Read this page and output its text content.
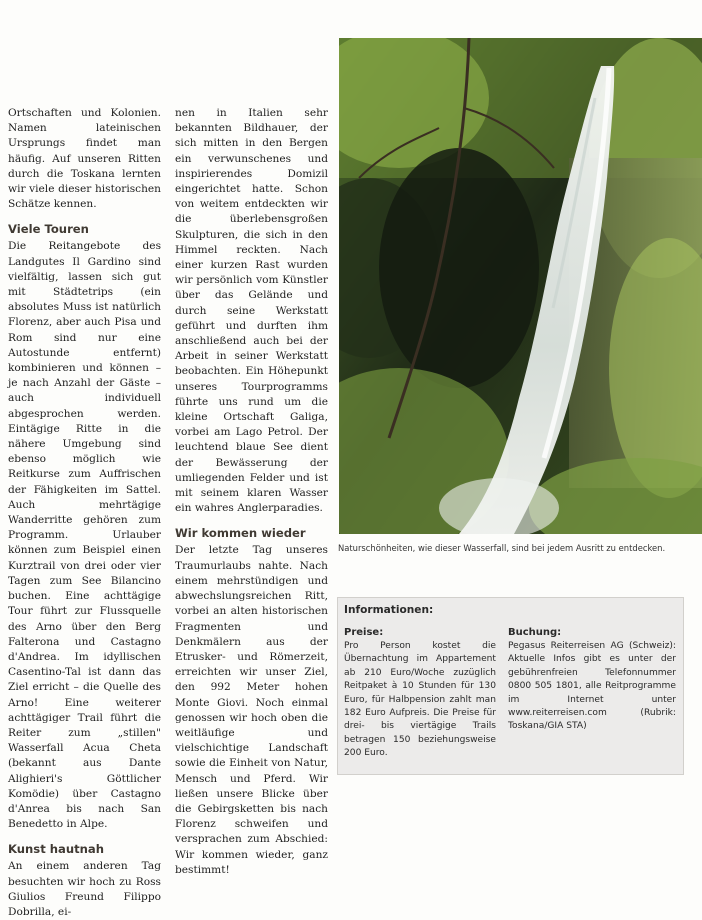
Ortschaften und Kolonien. Namen lateinischen Ursprungs findet man häufig. Auf unseren Ritten durch die Toskana lernten wir viele dieser historischen Schätze kennen.

Viele Touren

Die Reitangebote des Landgutes Il Gardino sind vielfältig, lassen sich gut mit Städtetrips (ein absolutes Muss ist natürlich Florenz, aber auch Pisa und Rom sind nur eine Autostunde entfernt) kombinieren und können – je nach Anzahl der Gäste – auch individuell abgesprochen werden. Eintägige Ritte in die nähere Umgebung sind ebenso möglich wie Reitkurse zum Auffrischen der Fähigkeiten im Sattel. Auch mehrtägige Wanderritte gehören zum Programm. Urlauber können zum Beispiel einen Kurztrail von drei oder vier Tagen zum See Bilancino buchen. Eine achttägige Tour führt zur Flussquelle des Arno über den Berg Falterona und Castagno d'Andrea. Im idyllischen Casentino-Tal ist dann das Ziel erricht – die Quelle des Arno! Eine weiterer achttägiger Trail führt die Reiter zum „stillen" Wasserfall Acua Cheta (bekannt aus Dante Alighieri's Göttlicher Komödie) über Castagno d'Anrea bis nach San Benedetto in Alpe.

Kunst hautnah

An einem anderen Tag besuchten wir hoch zu Ross Giulios Freund Filippo Dobrilla, ei-

nen in Italien sehr bekannten Bildhauer, der sich mitten in den Bergen ein verwunschenes und inspirierendes Domizil eingerichtet hatte. Schon von weitem entdeckten wir die überlebensgroßen Skulpturen, die sich in den Himmel reckten. Nach einer kurzen Rast wurden wir persönlich vom Künstler über das Gelände und durch seine Werkstatt geführt und durften ihm anschließend auch bei der Arbeit in seiner Werkstatt beobachten. Ein Höhepunkt unseres Tourprogramms führte uns rund um die kleine Ortschaft Galiga, vorbei am Lago Petrol. Der leuchtend blaue See dient der Bewässerung der umliegenden Felder und ist mit seinem klaren Wasser ein wahres Anglerparadies.

Wir kommen wieder

Der letzte Tag unseres Traumurlaubs nahte. Nach einem mehrstündigen und abwechslungsreichen Ritt, vorbei an alten historischen Fragmenten und Denkmälern aus der Etrusker- und Römerzeit, erreichten wir unser Ziel, den 992 Meter hohen Monte Giovi. Noch einmal genossen wir hoch oben die weitläufige und vielschichtige Landschaft sowie die Einheit von Natur, Mensch und Pferd. Wir ließen unsere Blicke über die Gebirgsketten bis nach Florenz schweifen und versprachen zum Abschied: Wir kommen wieder, ganz bestimmt!

Naturschönheiten, wie dieser Wasserfall, sind bei jedem Ausritt zu entdecken.
Informationen:
Preise:
Pro Person kostet die Übernachtung im Appartement ab 210 Euro/Woche zuzüglich Reitpaket à 10 Stunden für 130 Euro, für Halbpension zahlt man 182 Euro Aufpreis. Die Preise für drei- bis viertägige Trails betragen 150 beziehungsweise 200 Euro.
Buchung:
Pegasus Reiterreisen AG (Schweiz): Aktuelle Infos gibt es unter der gebührenfreien Telefonnummer 0800 505 1801, alle Reitprogramme im Internet unter www.reiterreisen.com (Rubrik: Toskana/GIA STA)
